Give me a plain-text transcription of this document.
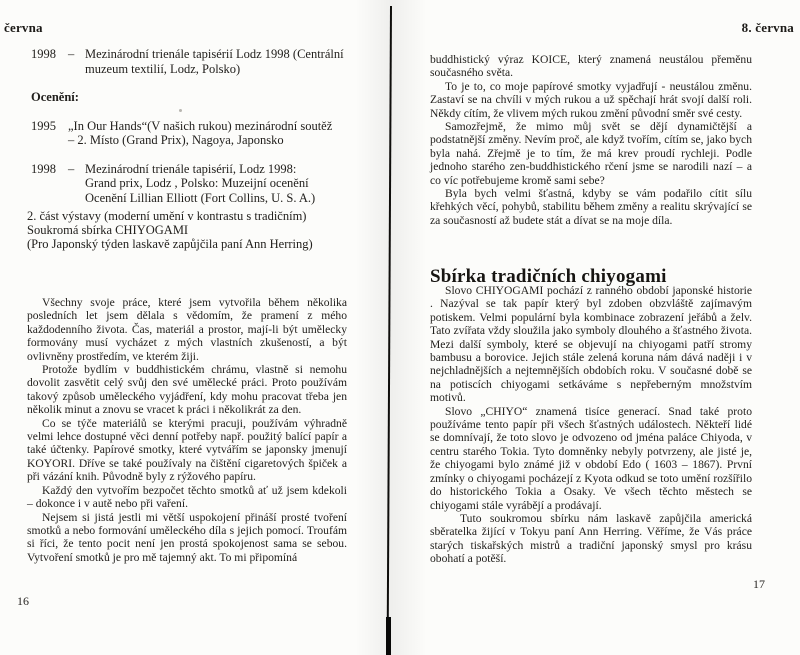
června
1998 – Mezinárodní trienále tapisérií Lodz 1998 (Centrální
muzeum textilií, Lodz, Polsko)
Ocenění:
1995 „In Our Hands“(V našich rukou) mezinárodní soutěž
– 2. Místo (Grand Prix), Nagoya, Japonsko
1998 – Mezinárodní trienále tapisérií, Lodz 1998:
Grand prix, Lodz , Polsko: Muzeijní ocenění
Ocenění Lillian Elliott (Fort Collins, U. S. A.)
2. část výstavy (moderní umění v kontrastu s tradičním)
Soukromá sbírka CHIYOGAMI
(Pro Japonský týden laskavě zapůjčila paní Ann Herring)

Všechny svoje práce, které jsem vytvořila během několika posledních let jsem dělala s vědomím, že pramení z mého každodenního života. Čas, materiál a prostor, mají-li být umělecky formovány musí vycházet z mých vlastních zkušeností, a být ovlivněny prostředím, ve kterém žiji.

Protože bydlím v buddhistickém chrámu, vlastně si nemohu dovolit zasvětit celý svůj den své umělecké práci. Proto používám takový způsob uměleckého vyjádření, kdy mohu pracovat třeba jen několik minut a znovu se vracet k práci i několikrát za den.

Co se týče materiálů se kterými pracuji, používám výhradně velmi lehce dostupné věci denní potřeby např. použitý balící papír a také účtenky. Papírové smotky, které vytvářím se japonsky jmenují KOYORI. Dříve se také používaly na čištění cigaretových špiček a při vázání knih. Původně byly z rýžového papíru.

Každý den vytvořím bezpočet těchto smotků ať už jsem kdekoli – dokonce i v autě nebo při vaření.

Nejsem si jistá jestli mi větší uspokojení přináší prosté tvoření smotků a nebo formování uměleckého díla s jejich pomocí. Troufám si říci, že tento pocit není jen prostá spokojenost sama se sebou. Vytvoření smotků je pro mě tajemný akt. To mi připomíná

16
8. června

buddhistický výraz KOICE, který znamená neustálou přeměnu současného světa.

To je to, co moje papírové smotky vyjadřují - neustálou změnu. Zastaví se na chvíli v mých rukou a už spěchají hrát svojí další roli. Někdy cítím, že vlivem mých rukou změní původní směr své cesty.

Samozřejmě, že mimo můj svět se dějí dynamičtější a podstatnější změny. Nevím proč, ale když tvořím, cítím se, jako bych byla nahá. Zřejmě je to tím, že má krev proudí rychleji. Podle jednoho starého zen-buddhistického rčení jsme se narodili nazí – a co víc potřebujeme kromě sami sebe?

Byla bych velmi šťastná, kdyby se vám podařilo cítit sílu křehkých věcí, pohybů, stabilitu během změny a realitu skrývající se za současností až budete stát a dívat se na moje díla.

Sbírka tradičních chiyogami

Slovo CHIYOGAMI pochází z ranného období japonské historie . Nazýval se tak papír který byl zdoben obzvláště zajímavým potiskem. Velmi populární byla kombinace zobrazení jeřábů a želv. Tato zvířata vždy sloužila jako symboly dlouhého a šťastného života. Mezi další symboly, které se objevují na chiyogami patří stromy bambusu a borovice. Jejich stále zelená koruna nám dává naději i v nejchladnějších a nejtemnějších obdobích roku. V současné době se na potiscích chiyogami setkáváme s nepřeberným množstvím motivů.

Slovo „CHIYO“ znamená tisíce generací. Snad také proto používáme tento papír při všech šťastných událostech. Někteří lidé se domnívají, že toto slovo je odvozeno od jména paláce Chiyoda, v centru starého Tokia. Tyto domněnky nebyly potvrzeny, ale jisté je, že chiyogami bylo známé již v období Edo ( 1603 – 1867). První zmínky o chiyogami pocházejí z Kyota odkud se toto umění rozšířilo do historického Tokia a Osaky. Ve všech těchto městech se chiyogami stále vyrábějí a prodávají.

Tuto soukromou sbírku nám laskavě zapůjčila americká sběratelka žijící v Tokyu paní Ann Herring. Věříme, že Vás práce starých tiskařských mistrů a tradiční japonský smysl pro krásu obohatí a potěší.

17
